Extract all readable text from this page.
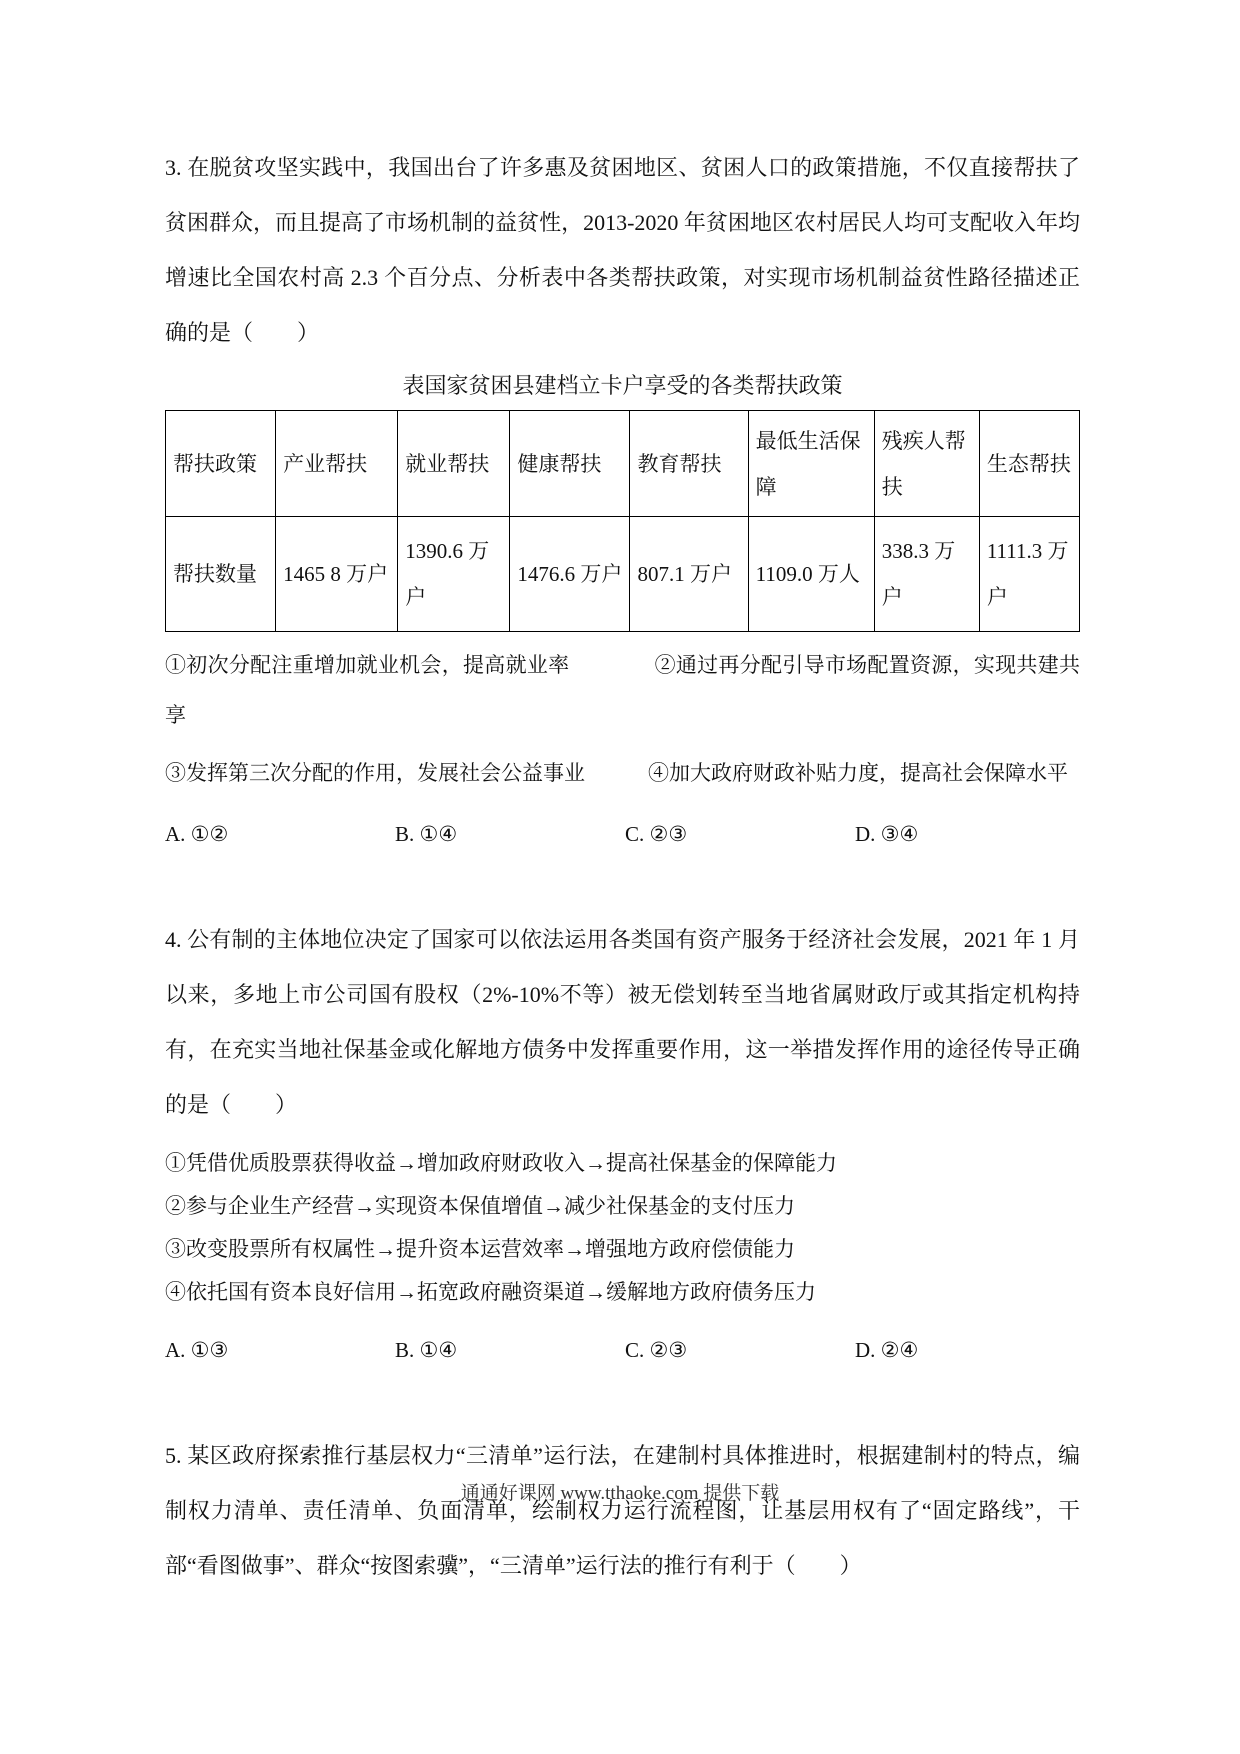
3. 在脱贫攻坚实践中，我国出台了许多惠及贫困地区、贫困人口的政策措施，不仅直接帮扶了贫困群众，而且提高了市场机制的益贫性，2013-2020 年贫困地区农村居民人均可支配收入年均增速比全国农村高 2.3 个百分点、分析表中各类帮扶政策，对实现市场机制益贫性路径描述正确的是（　　）

表国家贫困县建档立卡户享受的各类帮扶政策

帮扶政策	产业帮扶	就业帮扶	健康帮扶	教育帮扶	最低生活保障	残疾人帮扶	生态帮扶
帮扶数量	1465 8 万户	1390.6 万户	1476.6 万户	807.1 万户	1109.0 万人	338.3 万户	1111.3 万户

①初次分配注重增加就业机会，提高就业率　　　　②通过再分配引导市场配置资源，实现共建共享

③发挥第三次分配的作用，发展社会公益事业　　　④加大政府财政补贴力度，提高社会保障水平

A. ①②	B. ①④	C. ②③	D. ③④

4. 公有制的主体地位决定了国家可以依法运用各类国有资产服务于经济社会发展，2021 年 1 月以来，多地上市公司国有股权（2%-10%不等）被无偿划转至当地省属财政厅或其指定机构持有，在充实当地社保基金或化解地方债务中发挥重要作用，这一举措发挥作用的途径传导正确的是（　　）

①凭借优质股票获得收益→增加政府财政收入→提高社保基金的保障能力

②参与企业生产经营→实现资本保值增值→减少社保基金的支付压力

③改变股票所有权属性→提升资本运营效率→增强地方政府偿债能力

④依托国有资本良好信用→拓宽政府融资渠道→缓解地方政府债务压力

A. ①③	B. ①④	C. ②③	D. ②④

5. 某区政府探索推行基层权力“三清单”运行法，在建制村具体推进时，根据建制村的特点，编制权力清单、责任清单、负面清单，绘制权力运行流程图，让基层用权有了“固定路线”，干部“看图做事”、群众“按图索骥”，“三清单”运行法的推行有利于（　　）

通通好课网 www.tthaoke.com 提供下载
